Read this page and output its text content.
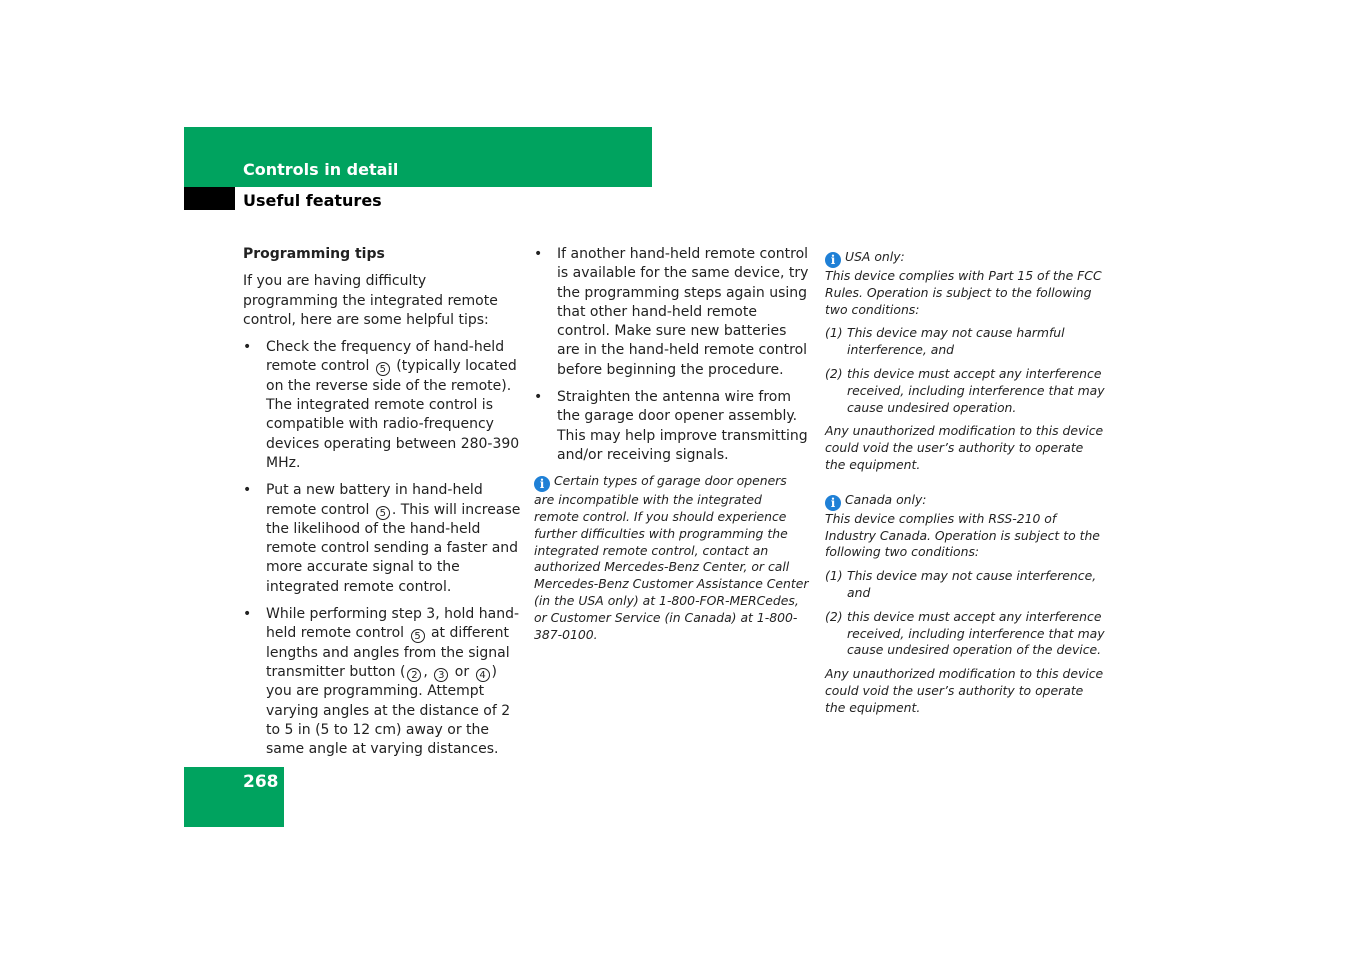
Controls in detail
Useful features

Programming tips

If you are having difficulty programming the integrated remote control, here are some helpful tips:

• Check the frequency of hand-held remote control 5 (typically located on the reverse side of the remote). The integrated remote control is compatible with radio-frequency devices operating between 280-390 MHz.
• Put a new battery in hand-held remote control 5 . This will increase the likelihood of the hand-held remote control sending a faster and more accurate signal to the integrated remote control.
• While performing step 3, hold hand-held remote control 5 at different lengths and angles from the signal transmitter button ( 2 , 3 or 4 ) you are programming. Attempt varying angles at the distance of 2 to 5 in (5 to 12 cm) away or the same angle at varying distances.
• If another hand-held remote control is available for the same device, try the programming steps again using that other hand-held remote control. Make sure new batteries are in the hand-held remote control before beginning the procedure.
• Straighten the antenna wire from the garage door opener assembly. This may help improve transmitting and/or receiving signals.

i Certain types of garage door openers are incompatible with the integrated remote control. If you should experience further difficulties with programming the integrated remote control, contact an authorized Mercedes-Benz Center, or call Mercedes-Benz Customer Assistance Center (in the USA only) at 1-800-FOR-MERCedes, or Customer Service (in Canada) at 1-800-387-0100.

i USA only:

This device complies with Part 15 of the FCC Rules. Operation is subject to the following two conditions:

(1) This device may not cause harmful interference, and
(2) this device must accept any interference received, including interference that may cause undesired operation.

Any unauthorized modification to this device could void the user’s authority to operate the equipment.

i Canada only:

This device complies with RSS-210 of Industry Canada. Operation is subject to the following two conditions:

(1) This device may not cause interference, and
(2) this device must accept any interference received, including interference that may cause undesired operation of the device.

Any unauthorized modification to this device could void the user’s authority to operate the equipment.

268
